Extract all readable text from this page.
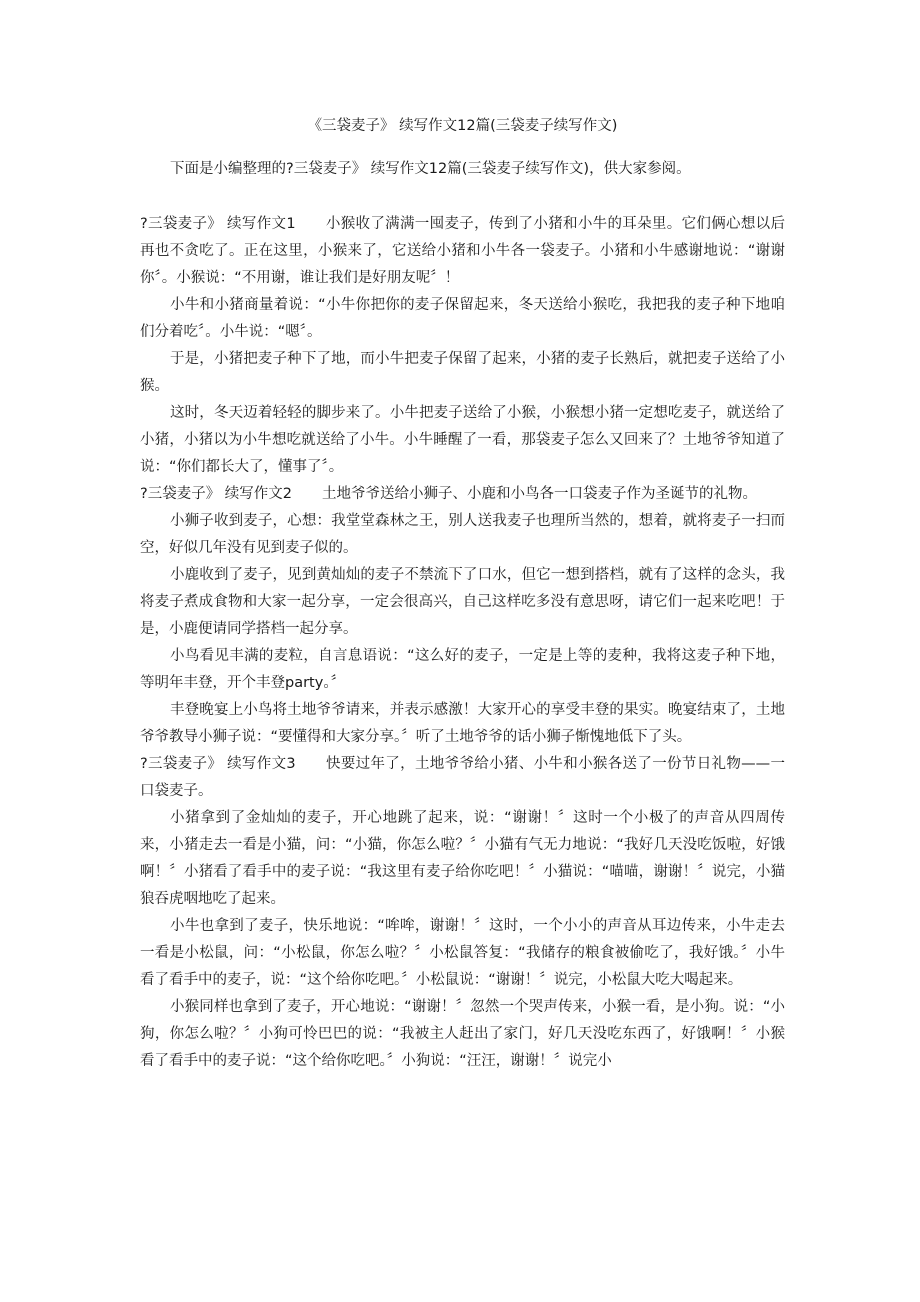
《三袋麦子》 续写作文12篇(三袋麦子续写作文)
下面是小编整理的?三袋麦子》 续写作文12篇(三袋麦子续写作文)，供大家参阅。

?三袋麦子》 续写作文1 小猴收了满满一囤麦子，传到了小猪和小牛的耳朵里。它们俩心想以后再也不贪吃了。正在这里，小猴来了，它送给小猪和小牛各一袋麦子。小猪和小牛感谢地说：“谢谢你〞。小猴说：“不用谢，谁让我们是好朋友呢〞！

小牛和小猪商量着说：“小牛你把你的麦子保留起来，冬天送给小猴吃，我把我的麦子种下地咱们分着吃〞。小牛说：“嗯〞。

于是，小猪把麦子种下了地，而小牛把麦子保留了起来，小猪的麦子长熟后，就把麦子送给了小猴。

这时，冬天迈着轻轻的脚步来了。小牛把麦子送给了小猴，小猴想小猪一定想吃麦子，就送给了小猪，小猪以为小牛想吃就送给了小牛。小牛睡醒了一看，那袋麦子怎么又回来了？土地爷爷知道了说：“你们都长大了，懂事了〞。

?三袋麦子》 续写作文2 土地爷爷送给小狮子、小鹿和小鸟各一口袋麦子作为圣诞节的礼物。

小狮子收到麦子，心想：我堂堂森林之王，别人送我麦子也理所当然的，想着，就将麦子一扫而空，好似几年没有见到麦子似的。

小鹿收到了麦子，见到黄灿灿的麦子不禁流下了口水，但它一想到搭档，就有了这样的念头，我将麦子煮成食物和大家一起分享，一定会很高兴，自己这样吃多没有意思呀，请它们一起来吃吧！于是，小鹿便请同学搭档一起分享。

小鸟看见丰满的麦粒，自言息语说：“这么好的麦子，一定是上等的麦种，我将这麦子种下地，等明年丰登，开个丰登party。〞

丰登晚宴上小鸟将土地爷爷请来，并表示感激！大家开心的享受丰登的果实。晚宴结束了，土地爷爷教导小狮子说：“要懂得和大家分享。〞听了土地爷爷的话小狮子惭愧地低下了头。

?三袋麦子》 续写作文3 快要过年了，土地爷爷给小猪、小牛和小猴各送了一份节日礼物——一口袋麦子。

小猪拿到了金灿灿的麦子，开心地跳了起来，说：“谢谢！〞这时一个小极了的声音从四周传来，小猪走去一看是小猫，问：“小猫，你怎么啦？〞小猫有气无力地说：“我好几天没吃饭啦，好饿啊！〞小猪看了看手中的麦子说：“我这里有麦子给你吃吧！〞小猫说：“喵喵，谢谢！〞说完，小猫狼吞虎咽地吃了起来。

小牛也拿到了麦子，快乐地说：“哞哞，谢谢！〞这时，一个小小的声音从耳边传来，小牛走去一看是小松鼠，问：“小松鼠，你怎么啦？〞小松鼠答复：“我储存的粮食被偷吃了，我好饿。〞小牛看了看手中的麦子，说：“这个给你吃吧。〞小松鼠说：“谢谢！〞说完，小松鼠大吃大喝起来。

小猴同样也拿到了麦子，开心地说：“谢谢！〞忽然一个哭声传来，小猴一看，是小狗。说：“小狗，你怎么啦？〞小狗可怜巴巴的说：“我被主人赶出了家门，好几天没吃东西了，好饿啊！〞小猴看了看手中的麦子说：“这个给你吃吧。〞小狗说：“汪汪，谢谢！〞说完小
